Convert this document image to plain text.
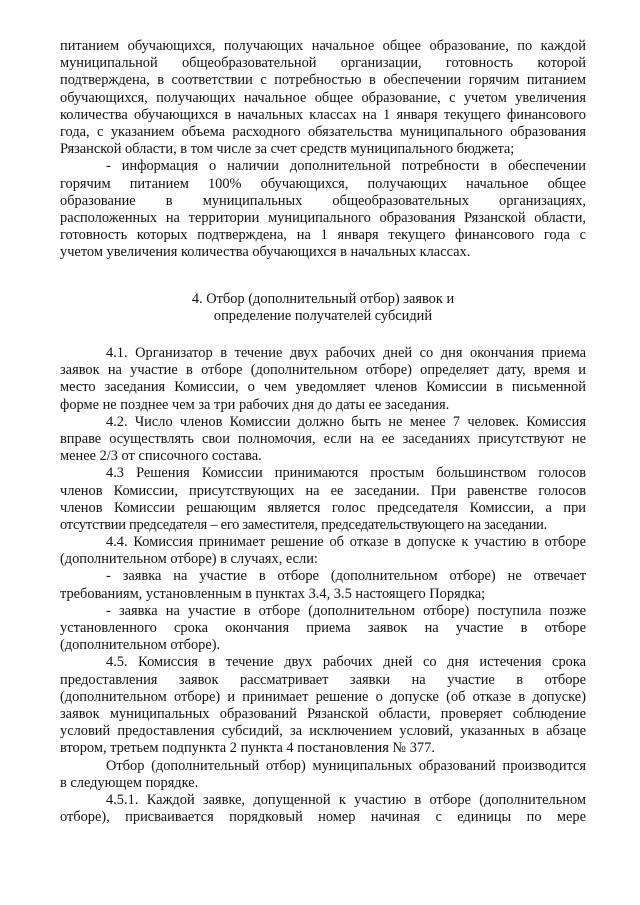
питанием обучающихся, получающих начальное общее образование, по каждой
муниципальной общеобразовательной организации, готовность которой
подтверждена, в соответствии с потребностью в обеспечении горячим питанием
обучающихся, получающих начальное общее образование, с учетом увеличения
количества обучающихся в начальных классах на 1 января текущего финансового
года, с указанием объема расходного обязательства муниципального образования
Рязанской области, в том числе за счет средств муниципального бюджета;
- информация о наличии дополнительной потребности в обеспечении
горячим питанием 100% обучающихся, получающих начальное общее
образование в муниципальных общеобразовательных организациях,
расположенных на территории муниципального образования Рязанской области,
готовность которых подтверждена, на 1 января текущего финансового года с
учетом увеличения количества обучающихся в начальных классах.
4. Отбор (дополнительный отбор) заявок и
определение получателей субсидий
4.1. Организатор в течение двух рабочих дней со дня окончания приема
заявок на участие в отборе (дополнительном отборе) определяет дату, время и
место заседания Комиссии, о чем уведомляет членов Комиссии в письменной
форме не позднее чем за три рабочих дня до даты ее заседания.
4.2. Число членов Комиссии должно быть не менее 7 человек. Комиссия
вправе осуществлять свои полномочия, если на ее заседаниях присутствуют не
менее 2/3 от списочного состава.
4.3 Решения Комиссии принимаются простым большинством голосов
членов Комиссии, присутствующих на ее заседании. При равенстве голосов
членов Комиссии решающим является голос председателя Комиссии, а при
отсутствии председателя – его заместителя, председательствующего на заседании.
4.4. Комиссия принимает решение об отказе в допуске к участию в отборе
(дополнительном отборе) в случаях, если:
- заявка на участие в отборе (дополнительном отборе) не отвечает
требованиям, установленным в пунктах 3.4, 3.5 настоящего Порядка;
- заявка на участие в отборе (дополнительном отборе) поступила позже
установленного срока окончания приема заявок на участие в отборе
(дополнительном отборе).
4.5. Комиссия в течение двух рабочих дней со дня истечения срока
предоставления заявок рассматривает заявки на участие в отборе
(дополнительном отборе) и принимает решение о допуске (об отказе в допуске)
заявок муниципальных образований Рязанской области, проверяет соблюдение
условий предоставления субсидий, за исключением условий, указанных в абзаце
втором, третьем подпункта 2 пункта 4 постановления № 377.
Отбор (дополнительный отбор) муниципальных образований производится
в следующем порядке.
4.5.1. Каждой заявке, допущенной к участию в отборе (дополнительном
отборе), присваивается порядковый номер начиная с единицы по мере
